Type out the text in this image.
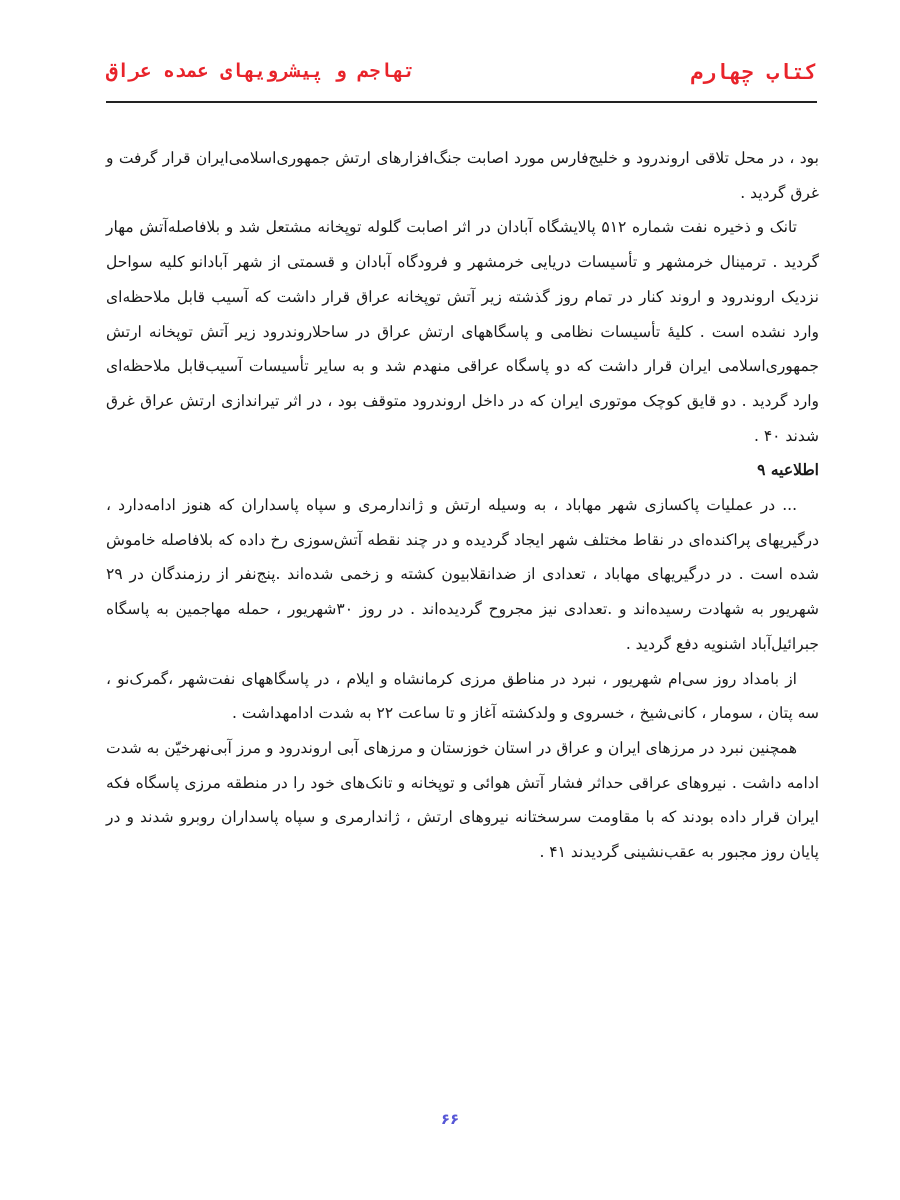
کتاب چهارم
تهاجم و پیشرویهای عمده عراق

بود ، در محل تلاقی اروندرود و خلیج‌فارس مورد اصابت جنگ‌افزارهای ارتش جمهوری‌اسلامی‌ایران قرار گرفت و غرق گردید .

تانک و ذخیره نفت شماره ۵۱۲ پالایشگاه آبادان در اثر اصابت گلوله توپخانه مشتعل شد و بلافاصله‌آتش مهار گردید . ترمینال خرمشهر و تأسیسات دریایی خرمشهر و فرودگاه آبادان و قسمتی از شهر آبادانو کلیه سواحل نزدیک اروندرود و اروند کنار در تمام روز گذشته زیر آتش توپخانه عراق قرار داشت که آسیب قابل ملاحظه‌ای وارد نشده است . کلیهٔ تأسیسات نظامی و پاسگاههای ارتش عراق در ساحلاروندرود زیر آتش توپخانه ارتش جمهوری‌اسلامی ایران قرار داشت که دو پاسگاه عراقی منهدم شد و به سایر تأسیسات آسیب‌قابل ملاحظه‌ای وارد گردید . دو قایق کوچک موتوری ایران که در داخل اروندرود متوقف بود ، در اثر تیراندازی ارتش عراق غرق شدند ۴۰ .

اطلاعیه ۹

... در عملیات پاکسازی شهر مهاباد ، به وسیله ارتش و ژاندارمری و سپاه پاسداران که هنوز ادامه‌دارد ، درگیریهای پراکنده‌ای در نقاط مختلف شهر ایجاد گردیده و در چند نقطه آتش‌سوزی رخ داده که بلافاصله خاموش شده است . در درگیریهای مهاباد ، تعدادی از ضدانقلابیون کشته و زخمی شده‌اند .پنج‌نفر از رزمندگان در ۲۹ شهریور به شهادت رسیده‌اند و .تعدادی نیز مجروح گردیده‌اند . در روز ۳۰شهریور ، حمله مهاجمین به پاسگاه جبرائیل‌آباد اشنویه دفع گردید .

از بامداد روز سی‌ام شهریور ، نبرد در مناطق مرزی کرمانشاه و ایلام ، در پاسگاههای نفت‌شهر ،گمرک‌نو ، سه پتان ، سومار ، کانی‌شیخ ، خسروی و ولدکشته آغاز و تا ساعت ۲۲ به شدت ادامهداشت .

همچنین نبرد در مرزهای ایران و عراق در استان خوزستان و مرزهای آبی اروندرود و مرز آبی‌نهرخیّن به شدت ادامه داشت . نیروهای عراقی حداثر فشار آتش هوائی و توپخانه و تانک‌های خود را در منطقه مرزی پاسگاه فکه ایران قرار داده بودند که با مقاومت سرسختانه نیروهای ارتش ، ژاندارمری و سپاه پاسداران روبرو شدند و در پایان روز مجبور به عقب‌نشینی گردیدند ۴۱ .

۶۶
